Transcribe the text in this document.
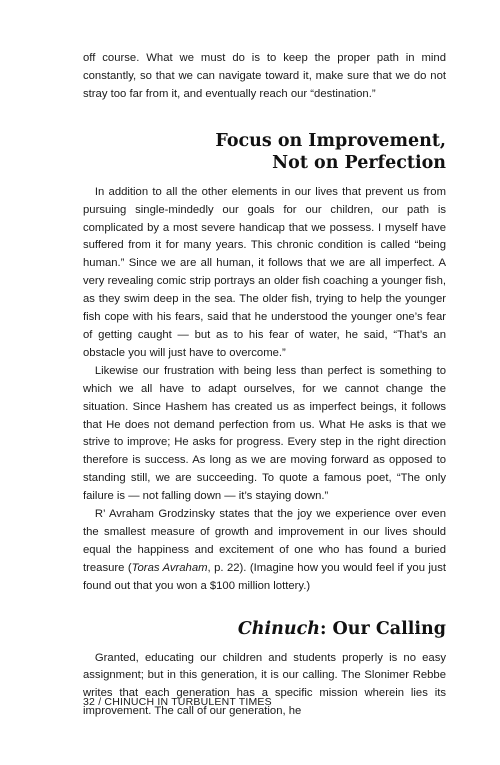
off course. What we must do is to keep the proper path in mind constantly, so that we can navigate toward it, make sure that we do not stray too far from it, and eventually reach our “destination.”

Focus on Improvement,
Not on Perfection

In addition to all the other elements in our lives that prevent us from pursuing single-mindedly our goals for our children, our path is complicated by a most severe handicap that we possess. I myself have suffered from it for many years. This chronic condition is called “being human.” Since we are all human, it follows that we are all imperfect. A very revealing comic strip portrays an older fish coaching a younger fish, as they swim deep in the sea. The older fish, trying to help the younger fish cope with his fears, said that he understood the younger one’s fear of getting caught — but as to his fear of water, he said, “That’s an obstacle you will just have to overcome.”

Likewise our frustration with being less than perfect is something to which we all have to adapt ourselves, for we cannot change the situation. Since Hashem has created us as imperfect beings, it follows that He does not demand perfection from us. What He asks is that we strive to improve; He asks for progress. Every step in the right direction therefore is success. As long as we are moving forward as opposed to standing still, we are succeeding. To quote a famous poet, “The only failure is — not falling down — it’s staying down.”

R’ Avraham Grodzinsky states that the joy we experience over even the smallest measure of growth and improvement in our lives should equal the happiness and excitement of one who has found a buried treasure (Toras Avraham, p. 22). (Imagine how you would feel if you just found out that you won a $100 million lottery.)

Chinuch: Our Calling

Granted, educating our children and students properly is no easy assignment; but in this generation, it is our calling. The Slonimer Rebbe writes that each generation has a specific mission wherein lies its improvement. The call of our generation, he

32 / CHINUCH IN TURBULENT TIMES
